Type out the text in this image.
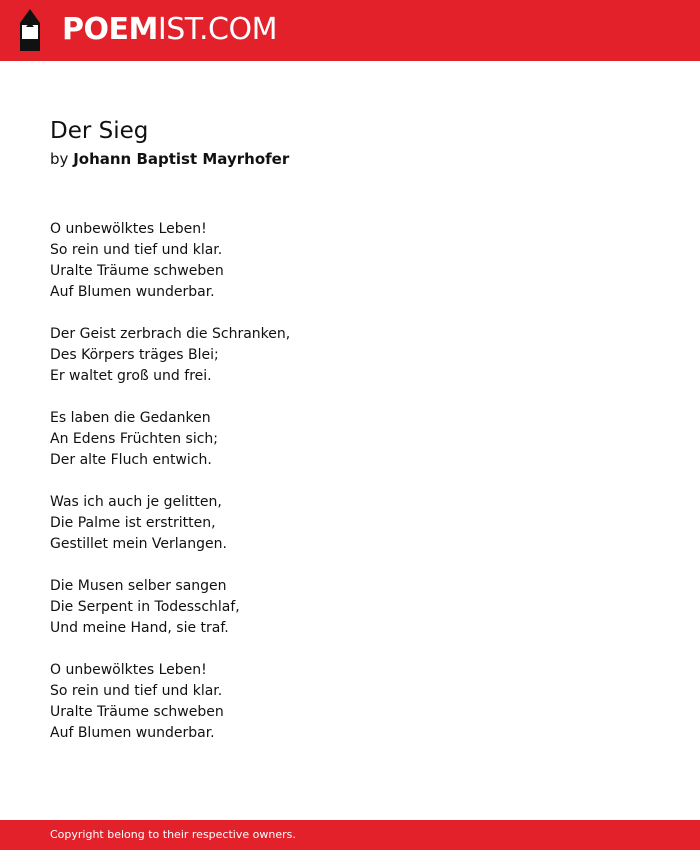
POEMIST.COM
Der Sieg
by Johann Baptist Mayrhofer
O unbewölktes Leben!
So rein und tief und klar.
Uralte Träume schweben
Auf Blumen wunderbar.
Der Geist zerbrach die Schranken,
Des Körpers träges Blei;
Er waltet groß und frei.
Es laben die Gedanken
An Edens Früchten sich;
Der alte Fluch entwich.
Was ich auch je gelitten,
Die Palme ist erstritten,
Gestillet mein Verlangen.
Die Musen selber sangen
Die Serpent in Todesschlaf,
Und meine Hand, sie traf.
O unbewölktes Leben!
So rein und tief und klar.
Uralte Träume schweben
Auf Blumen wunderbar.
Copyright belong to their respective owners.
